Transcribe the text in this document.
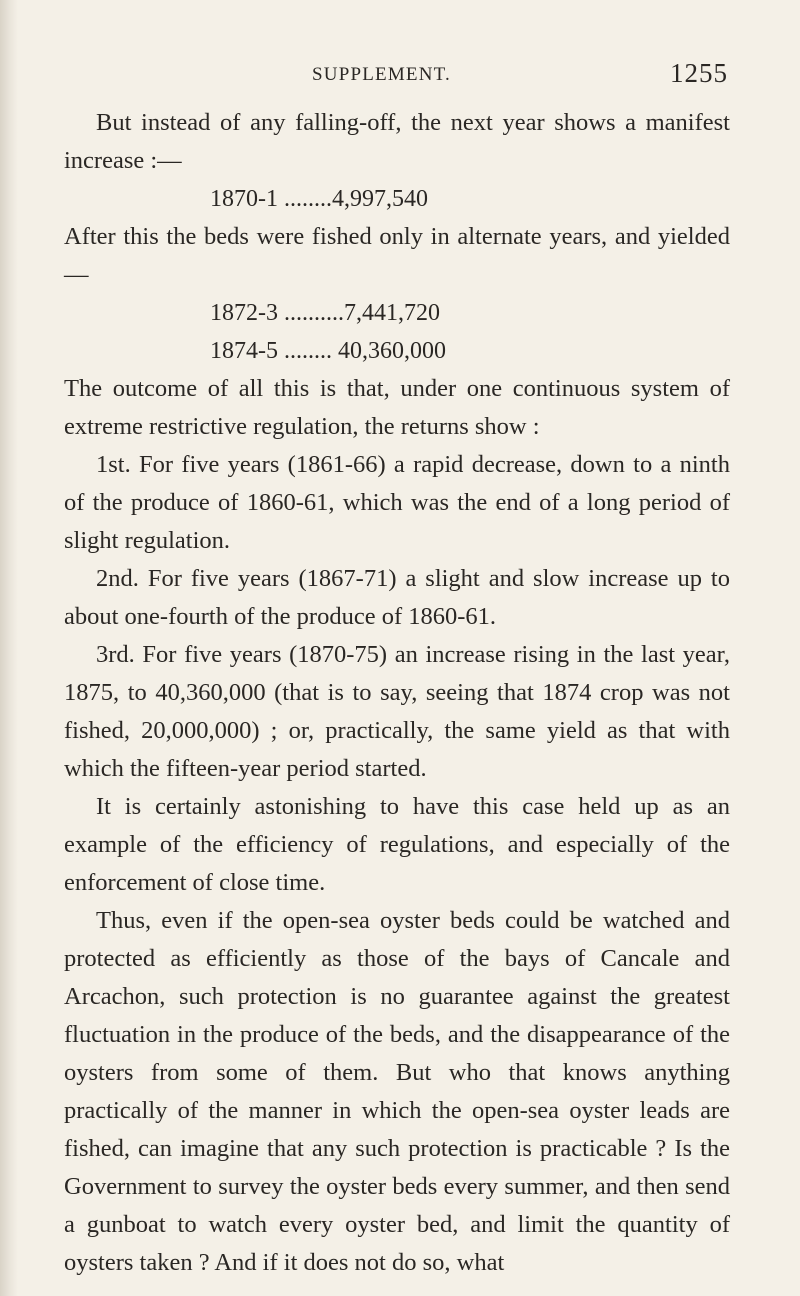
SUPPLEMENT.	1255

But instead of any falling-off, the next year shows a manifest increase :—

1870-1 ........4,997,540

After this the beds were fished only in alternate years, and yielded—

1872-3 ..........7,441,720
1874-5 ........ 40,360,000

The outcome of all this is that, under one continuous system of extreme restrictive regulation, the returns show :

1st. For five years (1861-66) a rapid decrease, down to a ninth of the produce of 1860-61, which was the end of a long period of slight regulation.

2nd. For five years (1867-71) a slight and slow increase up to about one-fourth of the produce of 1860-61.

3rd. For five years (1870-75) an increase rising in the last year, 1875, to 40,360,000 (that is to say, seeing that 1874 crop was not fished, 20,000,000) ; or, practically, the same yield as that with which the fifteen-year period started.

It is certainly astonishing to have this case held up as an example of the efficiency of regulations, and especially of the enforcement of close time.

Thus, even if the open-sea oyster beds could be watched and protected as efficiently as those of the bays of Cancale and Arcachon, such protection is no guarantee against the greatest fluctuation in the produce of the beds, and the disappearance of the oysters from some of them. But who that knows anything practically of the manner in which the open-sea oyster leads are fished, can imagine that any such protection is practicable ? Is the Government to survey the oyster beds every summer, and then send a gunboat to watch every oyster bed, and limit the quantity of oysters taken ? And if it does not do so, what
